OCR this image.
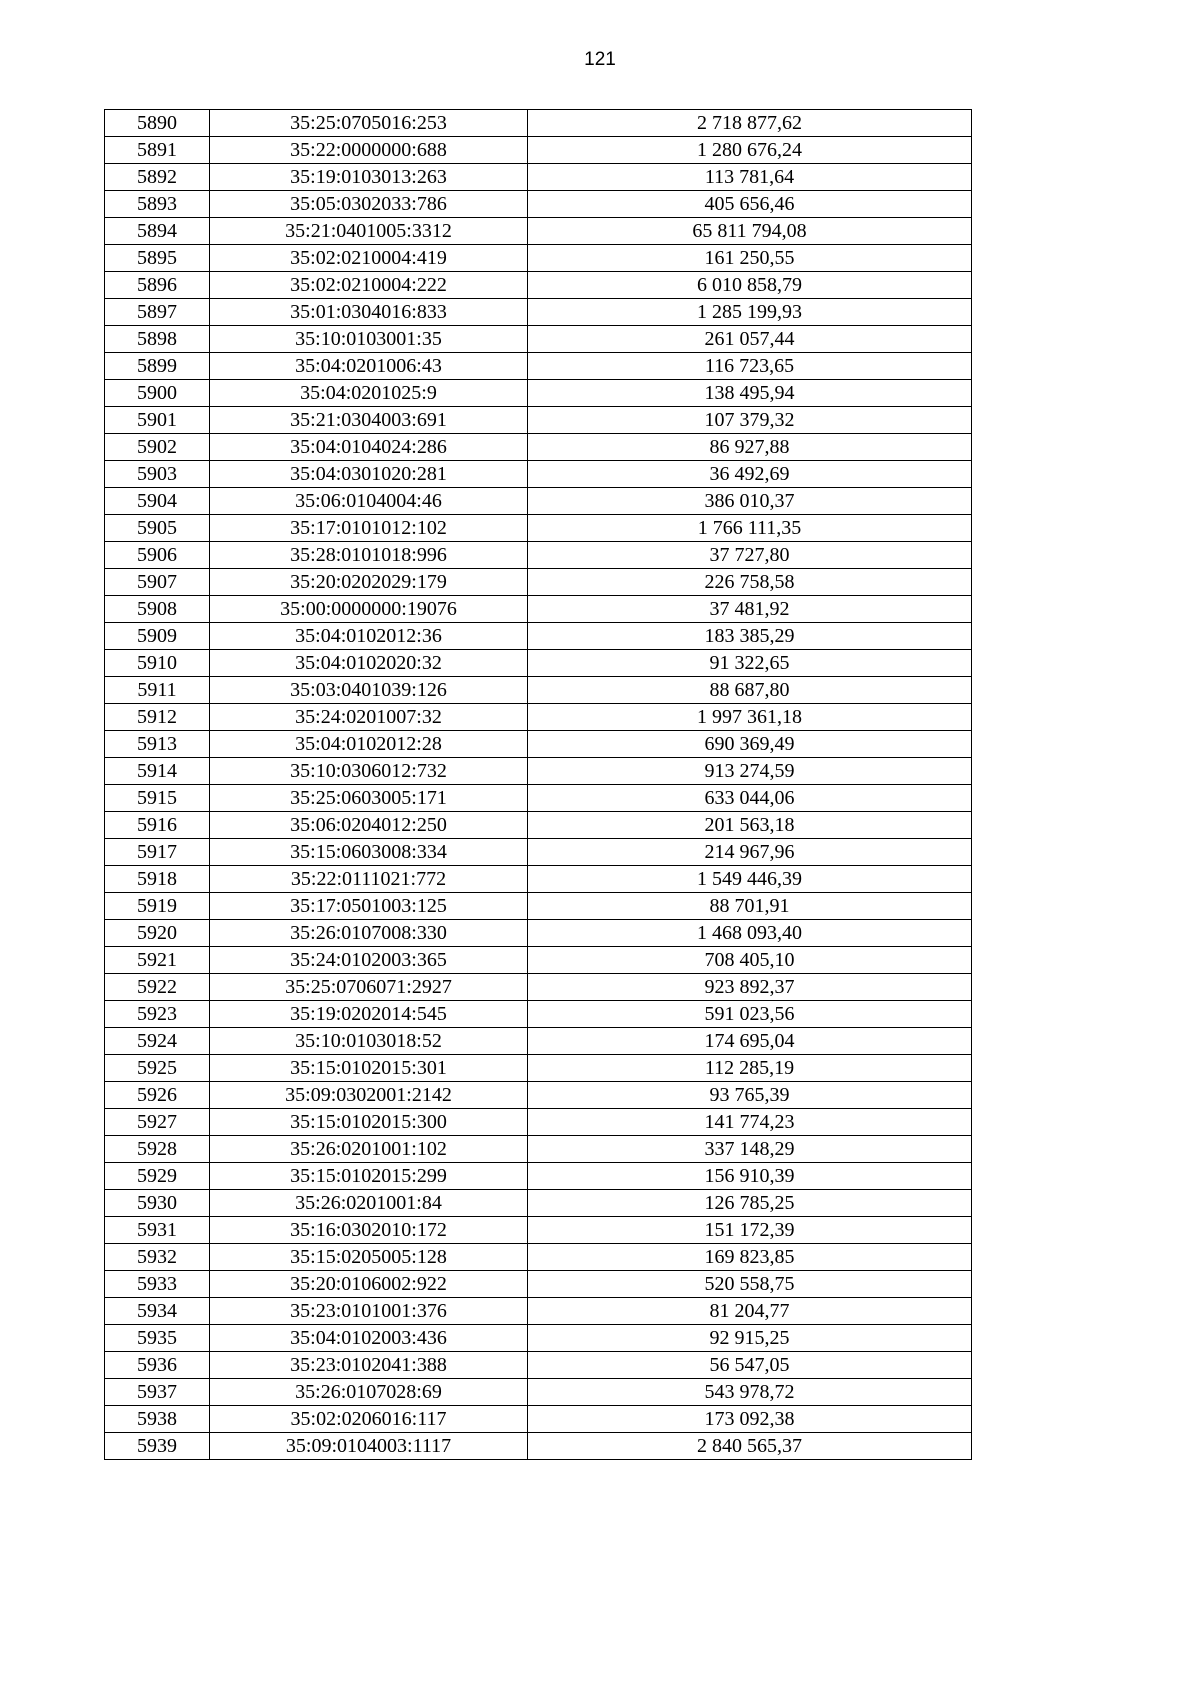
121
5890	35:25:0705016:253	2 718 877,62
5891	35:22:0000000:688	1 280 676,24
5892	35:19:0103013:263	113 781,64
5893	35:05:0302033:786	405 656,46
5894	35:21:0401005:3312	65 811 794,08
5895	35:02:0210004:419	161 250,55
5896	35:02:0210004:222	6 010 858,79
5897	35:01:0304016:833	1 285 199,93
5898	35:10:0103001:35	261 057,44
5899	35:04:0201006:43	116 723,65
5900	35:04:0201025:9	138 495,94
5901	35:21:0304003:691	107 379,32
5902	35:04:0104024:286	86 927,88
5903	35:04:0301020:281	36 492,69
5904	35:06:0104004:46	386 010,37
5905	35:17:0101012:102	1 766 111,35
5906	35:28:0101018:996	37 727,80
5907	35:20:0202029:179	226 758,58
5908	35:00:0000000:19076	37 481,92
5909	35:04:0102012:36	183 385,29
5910	35:04:0102020:32	91 322,65
5911	35:03:0401039:126	88 687,80
5912	35:24:0201007:32	1 997 361,18
5913	35:04:0102012:28	690 369,49
5914	35:10:0306012:732	913 274,59
5915	35:25:0603005:171	633 044,06
5916	35:06:0204012:250	201 563,18
5917	35:15:0603008:334	214 967,96
5918	35:22:0111021:772	1 549 446,39
5919	35:17:0501003:125	88 701,91
5920	35:26:0107008:330	1 468 093,40
5921	35:24:0102003:365	708 405,10
5922	35:25:0706071:2927	923 892,37
5923	35:19:0202014:545	591 023,56
5924	35:10:0103018:52	174 695,04
5925	35:15:0102015:301	112 285,19
5926	35:09:0302001:2142	93 765,39
5927	35:15:0102015:300	141 774,23
5928	35:26:0201001:102	337 148,29
5929	35:15:0102015:299	156 910,39
5930	35:26:0201001:84	126 785,25
5931	35:16:0302010:172	151 172,39
5932	35:15:0205005:128	169 823,85
5933	35:20:0106002:922	520 558,75
5934	35:23:0101001:376	81 204,77
5935	35:04:0102003:436	92 915,25
5936	35:23:0102041:388	56 547,05
5937	35:26:0107028:69	543 978,72
5938	35:02:0206016:117	173 092,38
5939	35:09:0104003:1117	2 840 565,37
